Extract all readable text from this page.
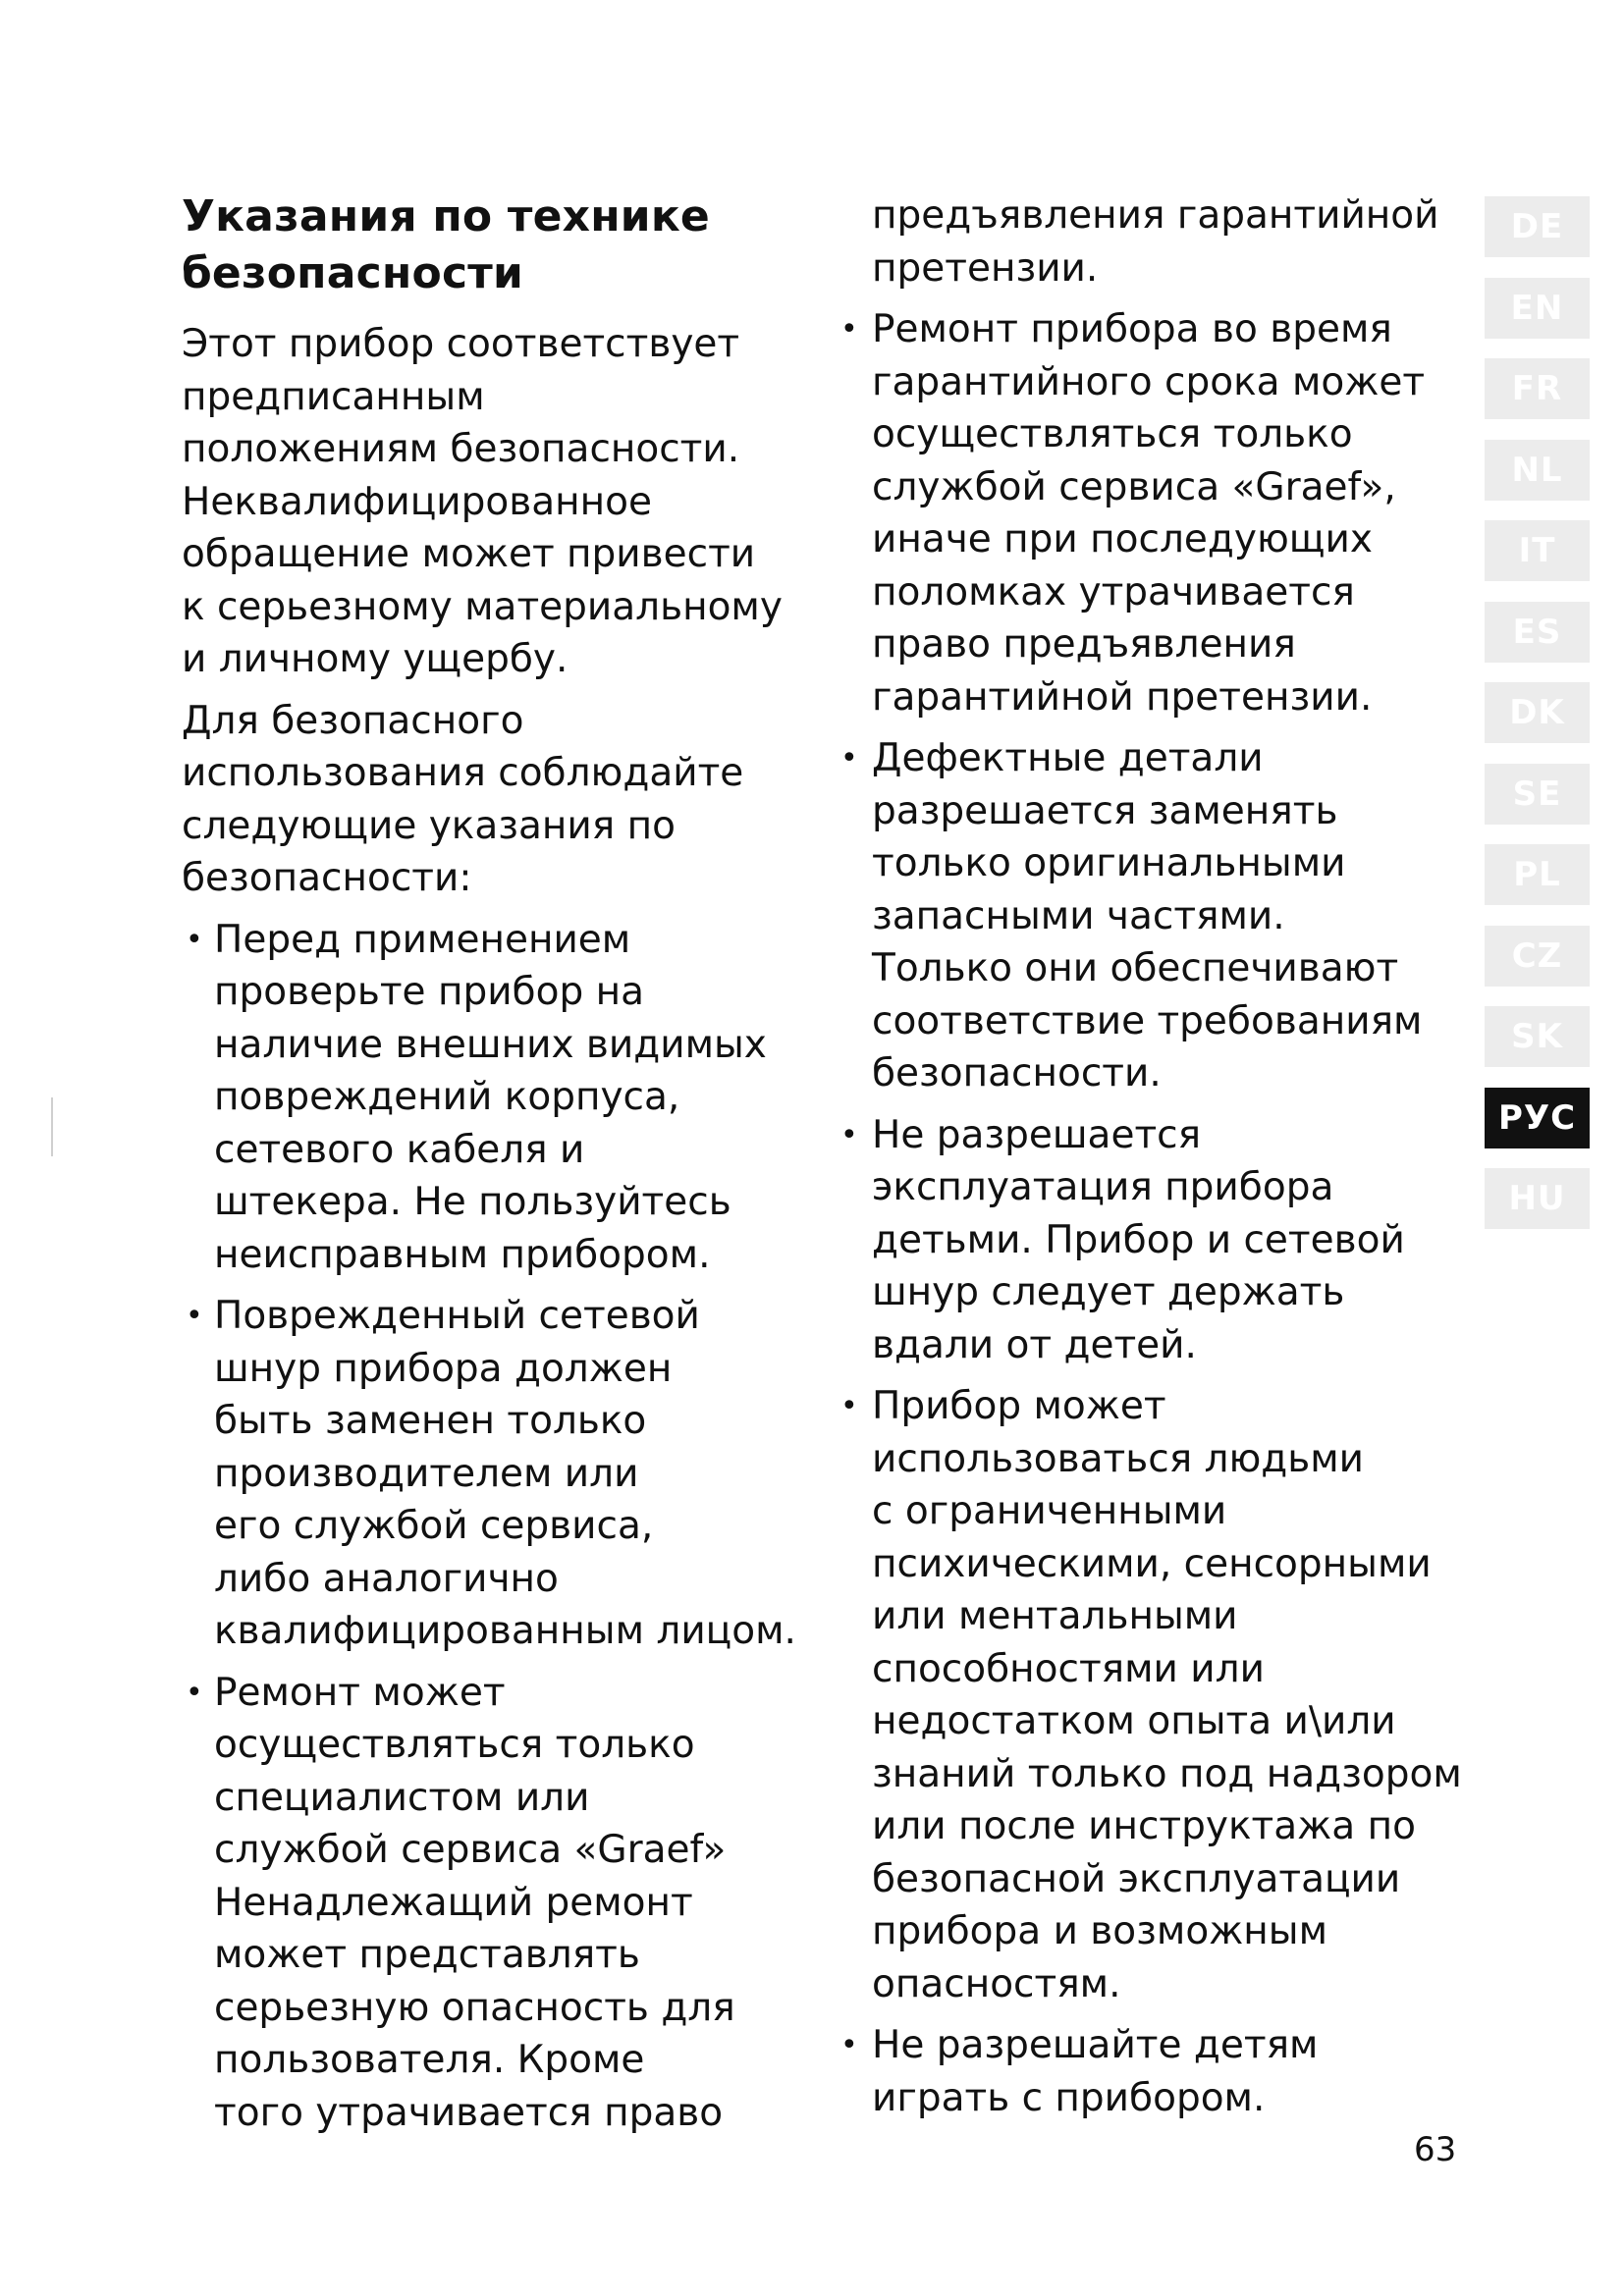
Указания по технике
безопасности
Этот прибор соответствует
предписанным
положениям безопасности.
Неквалифицированное
обращение может привести
к серьезному материальному
и личному ущербу.
Для безопасного
использования соблюдайте
следующие указания по
безопасности:
• Перед применением
проверьте прибор на
наличие внешних видимых
повреждений корпуса,
сетевого кабеля и
штекера. Не пользуйтесь
неисправным прибором.
• Поврежденный сетевой
шнур прибора должен
быть заменен только
производителем или
его службой сервиса,
либо аналогично
квалифицированным лицом.
• Ремонт может
осуществляться только
специалистом или
службой сервиса «Graef»
Ненадлежащий ремонт
может представлять
серьезную опасность для
пользователя. Кроме
того утрачивается право
предъявления гарантийной
претензии.
• Ремонт прибора во время
гарантийного срока может
осуществляться только
службой сервиса «Graef»,
иначе при последующих
поломках утрачивается
право предъявления
гарантийной претензии.
• Дефектные детали
разрешается заменять
только оригинальными
запасными частями.
Только они обеспечивают
соответствие требованиям
безопасности.
• Не разрешается
эксплуатация прибора
детьми. Прибор и сетевой
шнур следует держать
вдали от детей.
• Прибор может
использоваться людьми
с ограниченными
психическими, сенсорными
или ментальными
способностями или
недостатком опыта и\или
знаний только под надзором
или после инструктажа по
безопасной эксплуатации
прибора и возможным
опасностям.
• Не разрешайте детям
играть с прибором.
DE
EN
FR
NL
IT
ES
DK
SE
PL
CZ
SK
РУС
HU
63
